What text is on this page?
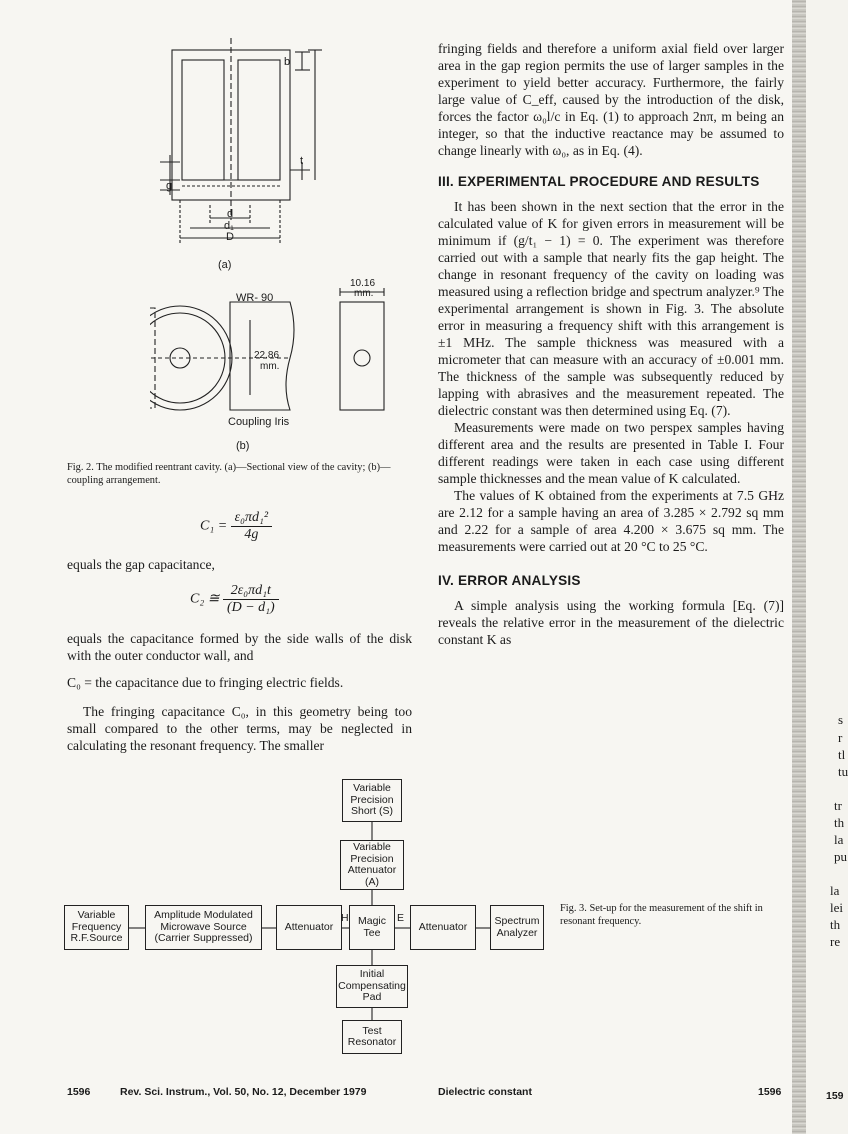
b
t
g
d
d₁
D
(a)
WR- 90
10.16
mm.
22.86
mm.
Coupling Iris
(b)
Fig. 2. The modified reentrant cavity. (a)—Sectional view of the cavity; (b)—coupling arrangement.
$C_1 = \frac{\text{ε₀πd₁²}}{4g}$
equals the gap capacitance,
C₂ ≅ $\frac{\text{2ε₀πd₁t}}{\text{(D − d₁)}}$
equals the capacitance formed by the side walls of the disk with the outer conductor wall, and
C₀ = the capacitance due to fringing electric fields.

The fringing capacitance C₀, in this geometry being too small compared to the other terms, may be neglected in calculating the resonant frequency. The smaller

fringing fields and therefore a uniform axial field over larger area in the gap region permits the use of larger samples in the experiment to yield better accuracy. Furthermore, the fairly large value of C_eff, caused by the introduction of the disk, forces the factor ω₀l/c in Eq. (1) to approach 2nπ, m being an integer, so that the inductive reactance may be assumed to change linearly with ω₀, as in Eq. (4).

III. EXPERIMENTAL PROCEDURE AND RESULTS

It has been shown in the next section that the error in the calculated value of K for given errors in measurement will be minimum if (g/t₁ − 1) = 0. The experiment was therefore carried out with a sample that nearly fits the gap height. The change in resonant frequency of the cavity on loading was measured using a reflection bridge and spectrum analyzer.⁹ The experimental arrangement is shown in Fig. 3. The absolute error in measuring a frequency shift with this arrangement is ±1 MHz. The sample thickness was measured with a micrometer that can measure with an accuracy of ±0.001 mm. The thickness of the sample was subsequently reduced by lapping with abrasives and the measurement repeated. The dielectric constant was then determined using Eq. (7).

Measurements were made on two perspex samples having different area and the results are presented in Table I. Four different readings were taken in each case using different sample thicknesses and the mean value of K calculated.

The values of K obtained from the experiments at 7.5 GHz are 2.12 for a sample having an area of 3.285 × 2.792 sq mm and 2.22 for a sample of area 4.200 × 3.675 sq mm. The measurements were carried out at 20 °C to 25 °C.

IV. ERROR ANALYSIS

A simple analysis using the working formula [Eq. (7)] reveals the relative error in the measurement of the dielectric constant K as

Variable Precision Short (S)
Variable Precision Attenuator (A)
Variable Frequency R.F.Source
Amplitude Modulated Microwave Source (Carrier Suppressed)
Attenuator	Magic Tee
H	E
Attenuator	Spectrum Analyzer
Initial Compensating Pad
Test Resonator
Fig. 3. Set-up for the measurement of the shift in resonant frequency.
1596	Rev. Sci. Instrum., Vol. 50, No. 12, December 1979	Dielectric constant	1596
s
r
tl
tu
tr
th
la
pu
la
lei
th
re
159
